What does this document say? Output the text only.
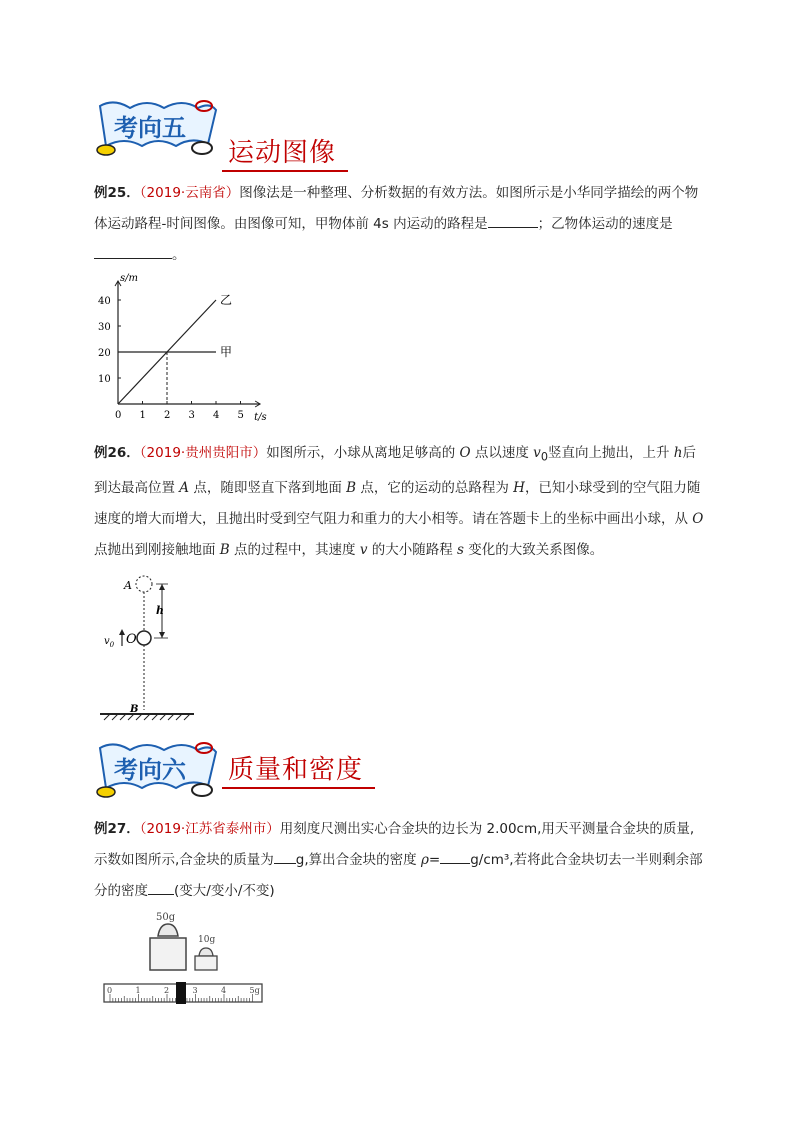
考向五
运动图像
例25．（2019·云南省）图像法是一种整理、分析数据的有效方法。如图所示是小华同学描绘的两个物体运动路程-时间图像。由图像可知，甲物体前 4s 内运动的路程是	；乙物体运动的速度是
。
s/m
t/s
0 1 2 3 4 5
10
20
30
40
甲
乙
例26．（2019·贵州贵阳市）如图所示，小球从离地足够高的 O 点以速度 $v_0$竖直向上抛出，上升 h后到达最高位置 A 点，随即竖直下落到地面 B 点，它的运动的总路程为 H，已知小球受到的空气阻力随速度的增大而增大，且抛出时受到空气阻力和重力的大小相等。请在答题卡上的坐标中画出小球，从 O 点抛出到刚接触地面 B 点的过程中，其速度 v 的大小随路程 s 变化的大致关系图像。
h
$v_0$ O
A
B
考向六 质量和密度
例27．（2019·江苏省泰州市）用刻度尺测出实心合金块的边长为 2.00cm,用天平测量合金块的质量,示数如图所示,合金块的质量为 g,算出合金块的密度 ρ= g/cm³,若将此合金块切去一半则剩余部分的密度 (变大/变小/不变)
50g
10g
0	1	2	3	4	5g
